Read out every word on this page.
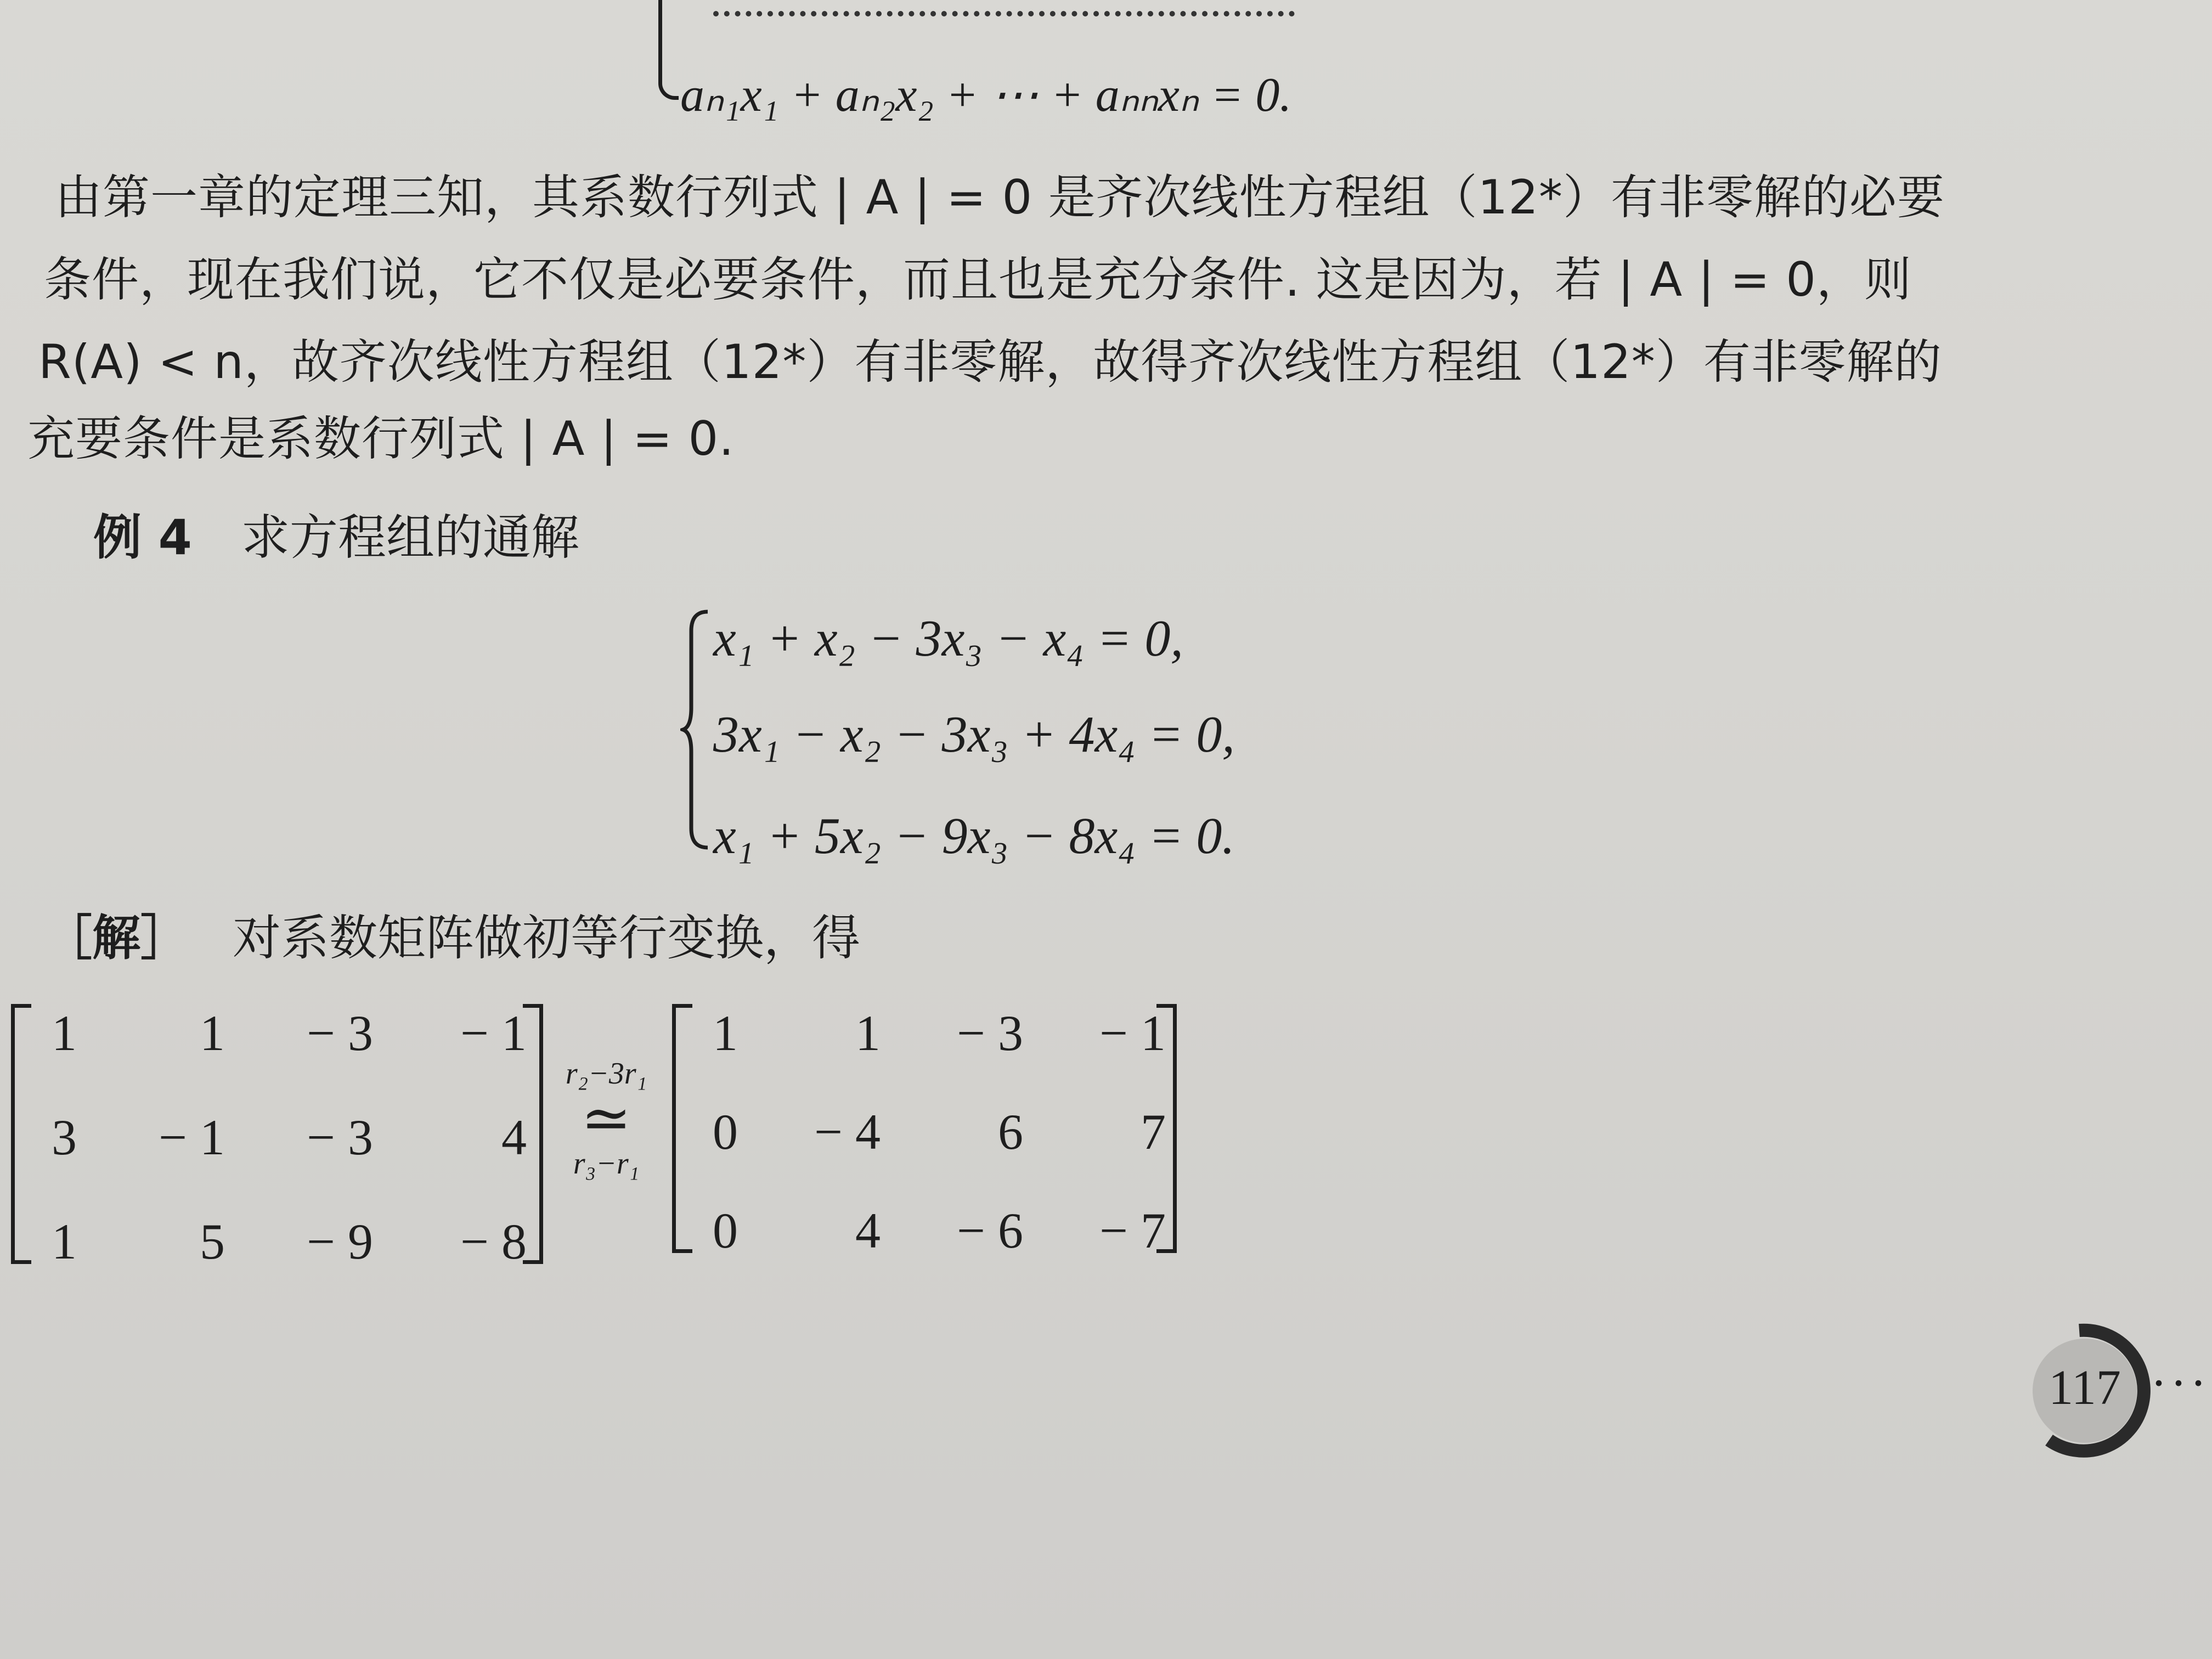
aₙ₁x₁ + aₙ₂x₂ + ⋯ + aₙₙxₙ = 0.
由第一章的定理三知，其系数行列式 | A | = 0 是齐次线性方程组（12*）有非零解的必要
条件，现在我们说，它不仅是必要条件，而且也是充分条件. 这是因为，若 | A | = 0，则
R(A) < n，故齐次线性方程组（12*）有非零解，故得齐次线性方程组（12*）有非零解的
充要条件是系数行列式 | A | = 0.
例 4 求方程组的通解
x₁ + x₂ − 3x₃ − x₄ = 0,
3x₁ − x₂ − 3x₃ + 4x₄ = 0,
x₁ + 5x₂ − 9x₃ − 8x₄ = 0.
［解］ 对系数矩阵做初等行变换，得
1	1	− 3	− 1
3	− 1	− 3	4
1	5	− 9	− 8
r₂−3r₁
≃
r₃−r₁
1	1	− 3	− 1
0	− 4	6	7
0	4	− 6	− 7
117 ···
